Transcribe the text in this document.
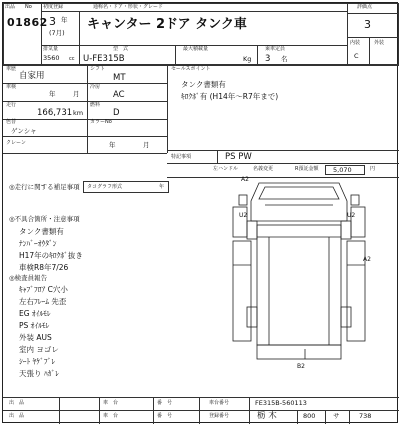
出品 No
01862
初度登録	通称名・ドア・形状・グレード
3 年
(7月)
キャンター 2ドア タンク車
排気量
3560 cc
型　式
U-FE315B
最大積載量
Kg
乗車定員
3 名
評価点
3
内装	外装
C
車歴
自家用
シフト
MT
車検
年	月
冷房
AC
走行
166,731 km
燃料
D
色替
ゲンシャ
カラーNo
クレーン	年	月
セールスポイント
タンク書類有
ｷﾛｸﾎﾞ有 (H14年～R7年まで)
特記事項	PS PW
左ハンドル	名義変更	R預託金額 5,070	円
◎走行に関する補足事項 タコグラフ形式	年
◎不具合箇所・注意事項
タンク書類有
ﾅﾝﾊﾞｰｵｳﾀﾞﾝ
H17年のｷﾛｸﾎﾞ抜き
車検R8年7/26
◎検査員報告
ｷｬﾌﾞﾌﾛｱ C穴小
左右ﾌﾚｰﾑ 先歪
EG ｵｲﾙﾓﾚ
PS ｵｲﾙﾓﾚ
外装 AUS
室内 ヨゴレ
ｼｰﾄ ﾔｹﾞﾌﾞﾚ
天張り ﾊｶﾞﾚ
A2
U2	U2
A2
B2
出　品	車　台	番　号	車台番号	FE315B-560113
出　品	車　台	番　号	登録番号	栃 木	800	サ	738
